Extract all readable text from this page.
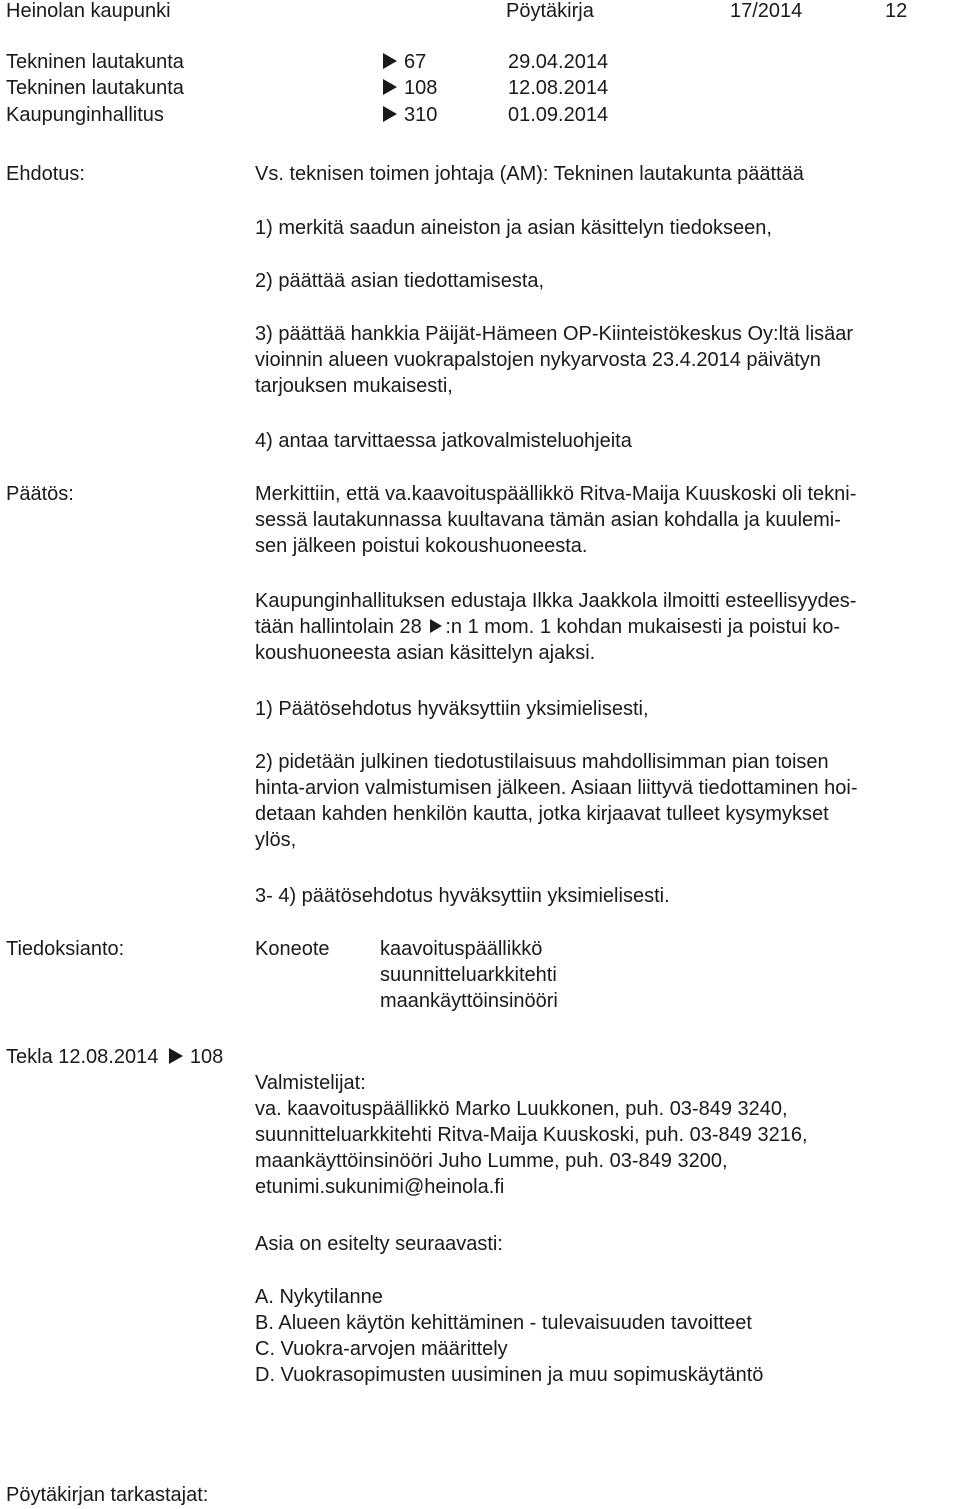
Heinolan kaupunki	Pöytäkirja	17/2014	12
Tekninen lautakunta	67	29.04.2014
Tekninen lautakunta	108	12.08.2014
Kaupunginhallitus	310	01.09.2014
Ehdotus:	Vs. teknisen toimen johtaja (AM): Tekninen lautakunta päättää
1) merkitä saadun aineiston ja asian käsittelyn tiedokseen,
2) päättää asian tiedottamisesta,
3) päättää hankkia Päijät-Hämeen OP-Kiinteistökeskus Oy:ltä lisäar
vioinnin alueen vuokrapalstojen nykyarvosta 23.4.2014 päivätyn
tarjouksen mukaisesti,
4) antaa tarvittaessa jatkovalmisteluohjeita
Päätös:	Merkittiin, että va.kaavoituspäällikkö Ritva-Maija Kuuskoski oli tekni-
sessä lautakunnassa kuultavana tämän asian kohdalla ja kuulemi-
sen jälkeen poistui kokoushuoneesta.
Kaupunginhallituksen edustaja Ilkka Jaakkola ilmoitti esteellisyydes-
tään hallintolain 28 :n 1 mom. 1 kohdan mukaisesti ja poistui ko-
koushuoneesta asian käsittelyn ajaksi.
1) Päätösehdotus hyväksyttiin yksimielisesti,
2) pidetään julkinen tiedotustilaisuus mahdollisimman pian toisen
hinta-arvion valmistumisen jälkeen. Asiaan liittyvä tiedottaminen hoi-
detaan kahden henkilön kautta, jotka kirjaavat tulleet kysymykset
ylös,
3- 4) päätösehdotus hyväksyttiin yksimielisesti.
Tiedoksianto:	Koneote	kaavoituspäällikkö
suunnitteluarkkitehti
maankäyttöinsinööri
Tekla 12.08.2014 108
Valmistelijat:
va. kaavoituspäällikkö Marko Luukkonen, puh. 03-849 3240,
suunnitteluarkkitehti Ritva-Maija Kuuskoski, puh. 03-849 3216,
maankäyttöinsinööri Juho Lumme, puh. 03-849 3200,
etunimi.sukunimi@heinola.fi
Asia on esitelty seuraavasti:
A. Nykytilanne
B. Alueen käytön kehittäminen - tulevaisuuden tavoitteet
C. Vuokra-arvojen määrittely
D. Vuokrasopimusten uusiminen ja muu sopimuskäytäntö
Pöytäkirjan tarkastajat:
